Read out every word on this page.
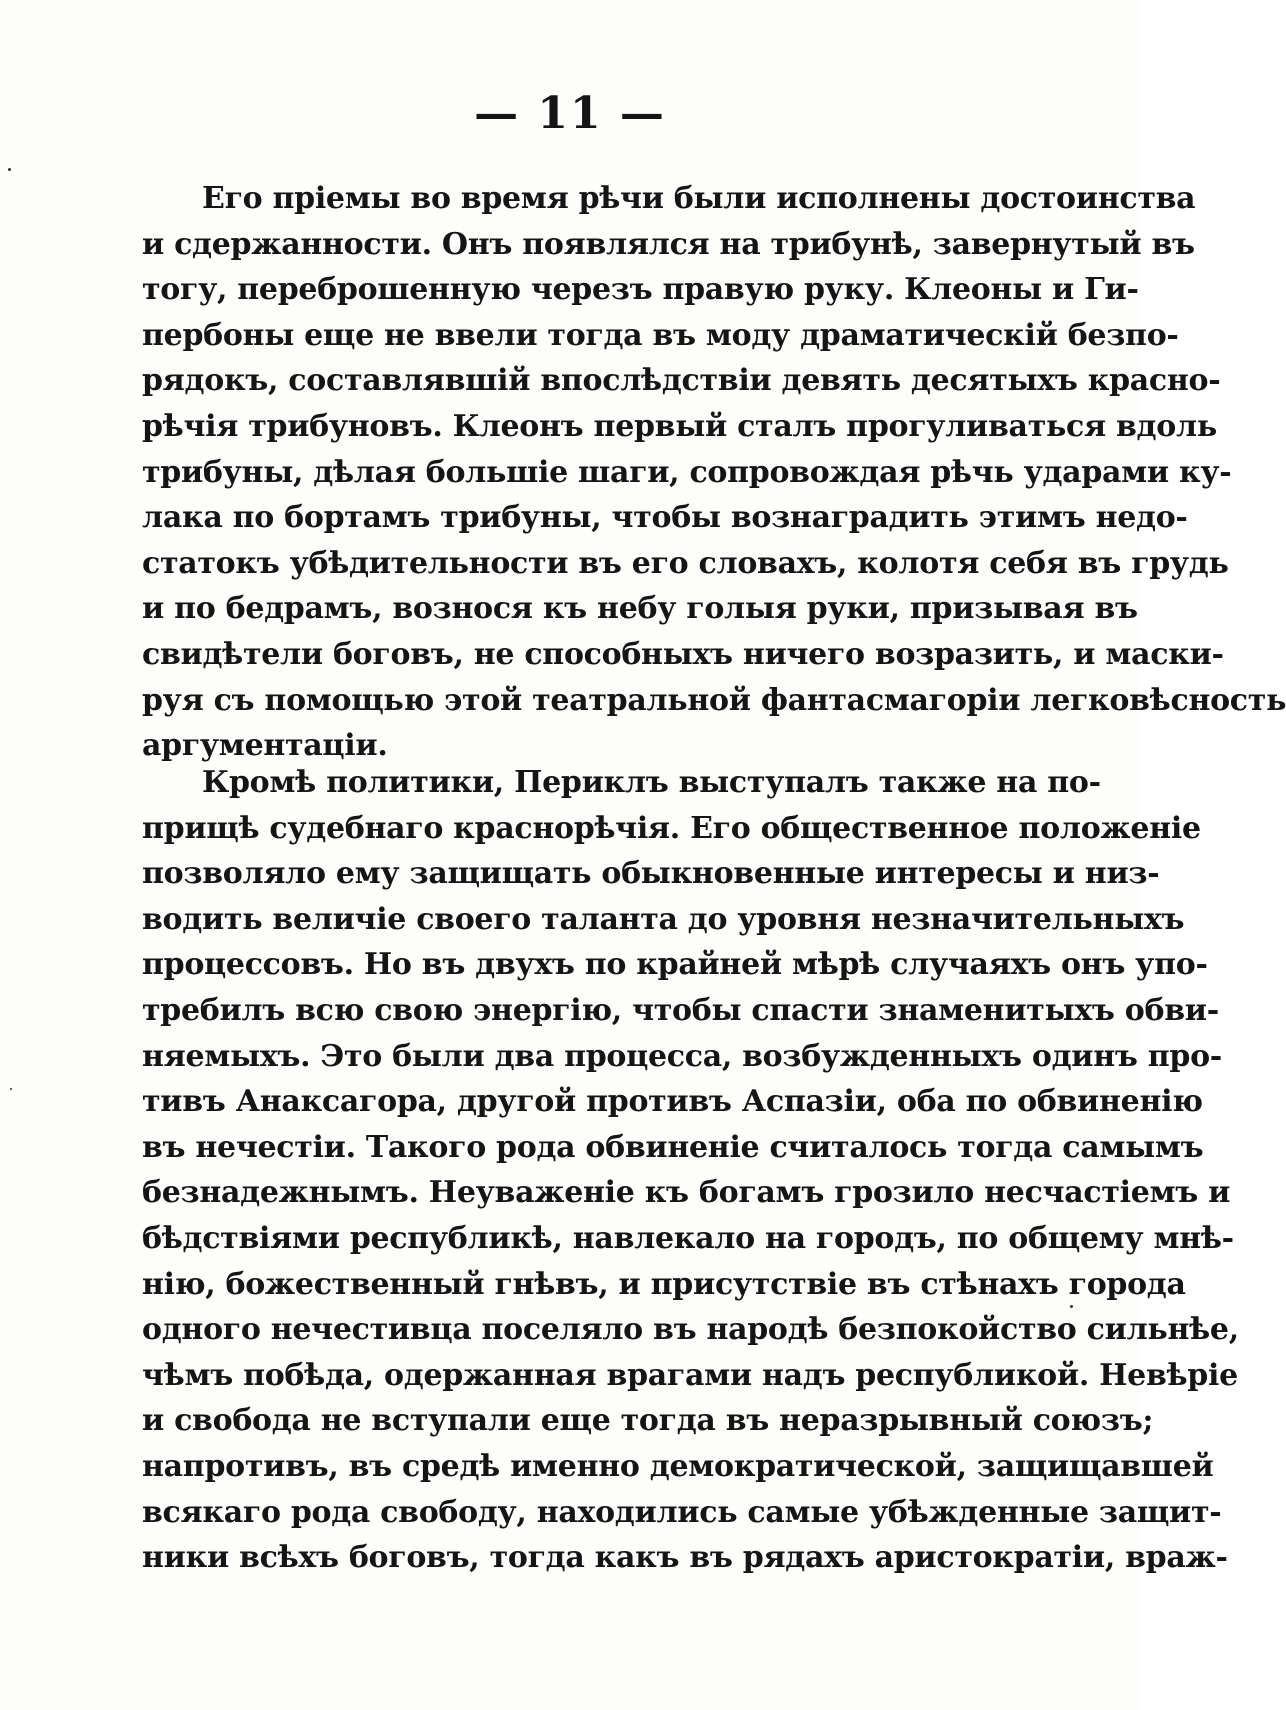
— 11 —
Его пріемы во время рѣчи были исполнены достоинства
и сдержанности. Онъ появлялся на трибунѣ, завернутый въ
тогу, переброшенную черезъ правую руку. Клеоны и Ги-
пербоны еще не ввели тогда въ моду драматическій безпо-
рядокъ, составлявшій впослѣдствіи девять десятыхъ красно-
рѣчія трибуновъ. Клеонъ первый сталъ прогуливаться вдоль
трибуны, дѣлая большіе шаги, сопровождая рѣчь ударами ку-
лака по бортамъ трибуны, чтобы вознаградить этимъ недо-
статокъ убѣдительности въ его словахъ, колотя себя въ грудь
и по бедрамъ, вознося къ небу голыя руки, призывая въ
свидѣтели боговъ, не способныхъ ничего возразить, и маски-
руя съ помощью этой театральной фантасмагоріи легковѣсность
аргументаціи.
Кромѣ политики, Периклъ выступалъ также на по-
прищѣ судебнаго краснорѣчія. Его общественное положеніе
позволяло ему защищать обыкновенные интересы и низ-
водить величіе своего таланта до уровня незначительныхъ
процессовъ. Но въ двухъ по крайней мѣрѣ случаяхъ онъ упо-
требилъ всю свою энергію, чтобы спасти знаменитыхъ обви-
няемыхъ. Это были два процесса, возбужденныхъ одинъ про-
тивъ Анаксагора, другой противъ Аспазіи, оба по обвиненію
въ нечестіи. Такого рода обвиненіе считалось тогда самымъ
безнадежнымъ. Неуваженіе къ богамъ грозило несчастіемъ и
бѣдствіями республикѣ, навлекало на городъ, по общему мнѣ-
нію, божественный гнѣвъ, и присутствіе въ стѣнахъ города
одного нечестивца поселяло въ народѣ безпокойство сильнѣе,
чѣмъ побѣда, одержанная врагами надъ республикой. Невѣріе
и свобода не вступали еще тогда въ неразрывный союзъ;
напротивъ, въ средѣ именно демократической, защищавшей
всякаго рода свободу, находились самые убѣжденные защит-
ники всѣхъ боговъ, тогда какъ въ рядахъ аристократіи, враж-
